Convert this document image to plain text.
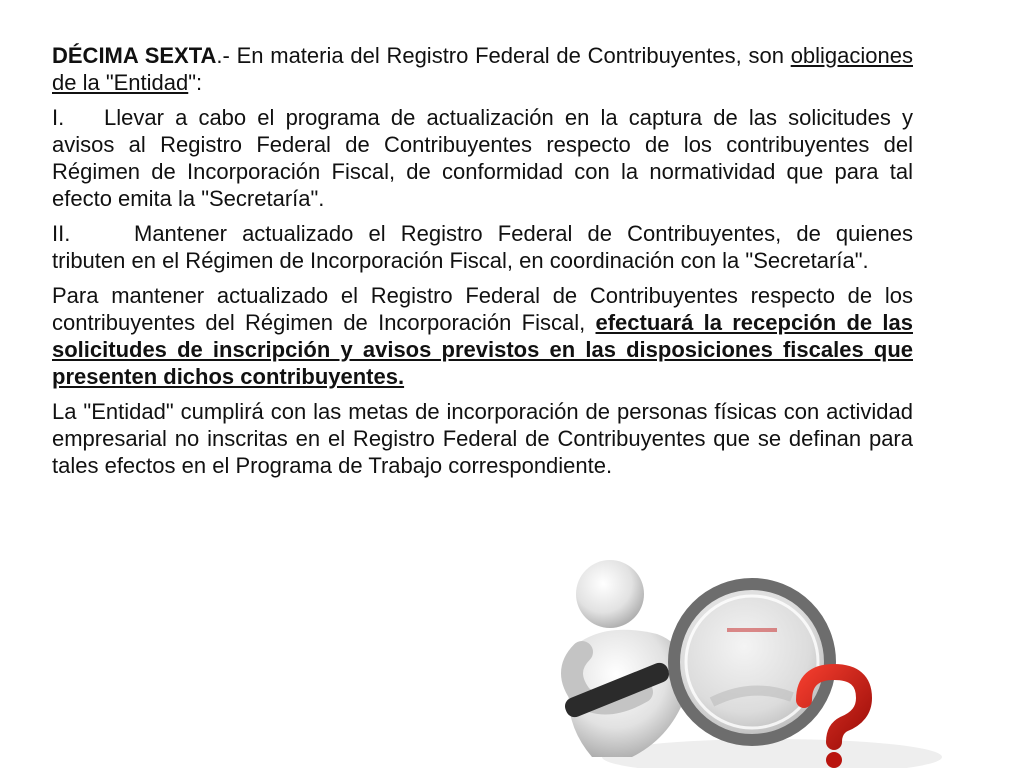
DÉCIMA SEXTA.- En materia del Registro Federal de Contribuyentes, son obligaciones de la "Entidad":

I. Llevar a cabo el programa de actualización en la captura de las solicitudes y avisos al Registro Federal de Contribuyentes respecto de los contribuyentes del Régimen de Incorporación Fiscal, de conformidad con la normatividad que para tal efecto emita la "Secretaría".

II.	Mantener actualizado el Registro Federal de Contribuyentes, de quienes tributen en el Régimen de Incorporación Fiscal, en coordinación con la "Secretaría".

Para mantener actualizado el Registro Federal de Contribuyentes respecto de los contribuyentes del Régimen de Incorporación Fiscal, efectuará la recepción de las solicitudes de inscripción y avisos previstos en las disposiciones fiscales que presenten dichos contribuyentes.

La "Entidad" cumplirá con las metas de incorporación de personas físicas con actividad empresarial no inscritas en el Registro Federal de Contribuyentes que se definan para tales efectos en el Programa de Trabajo correspondiente.
